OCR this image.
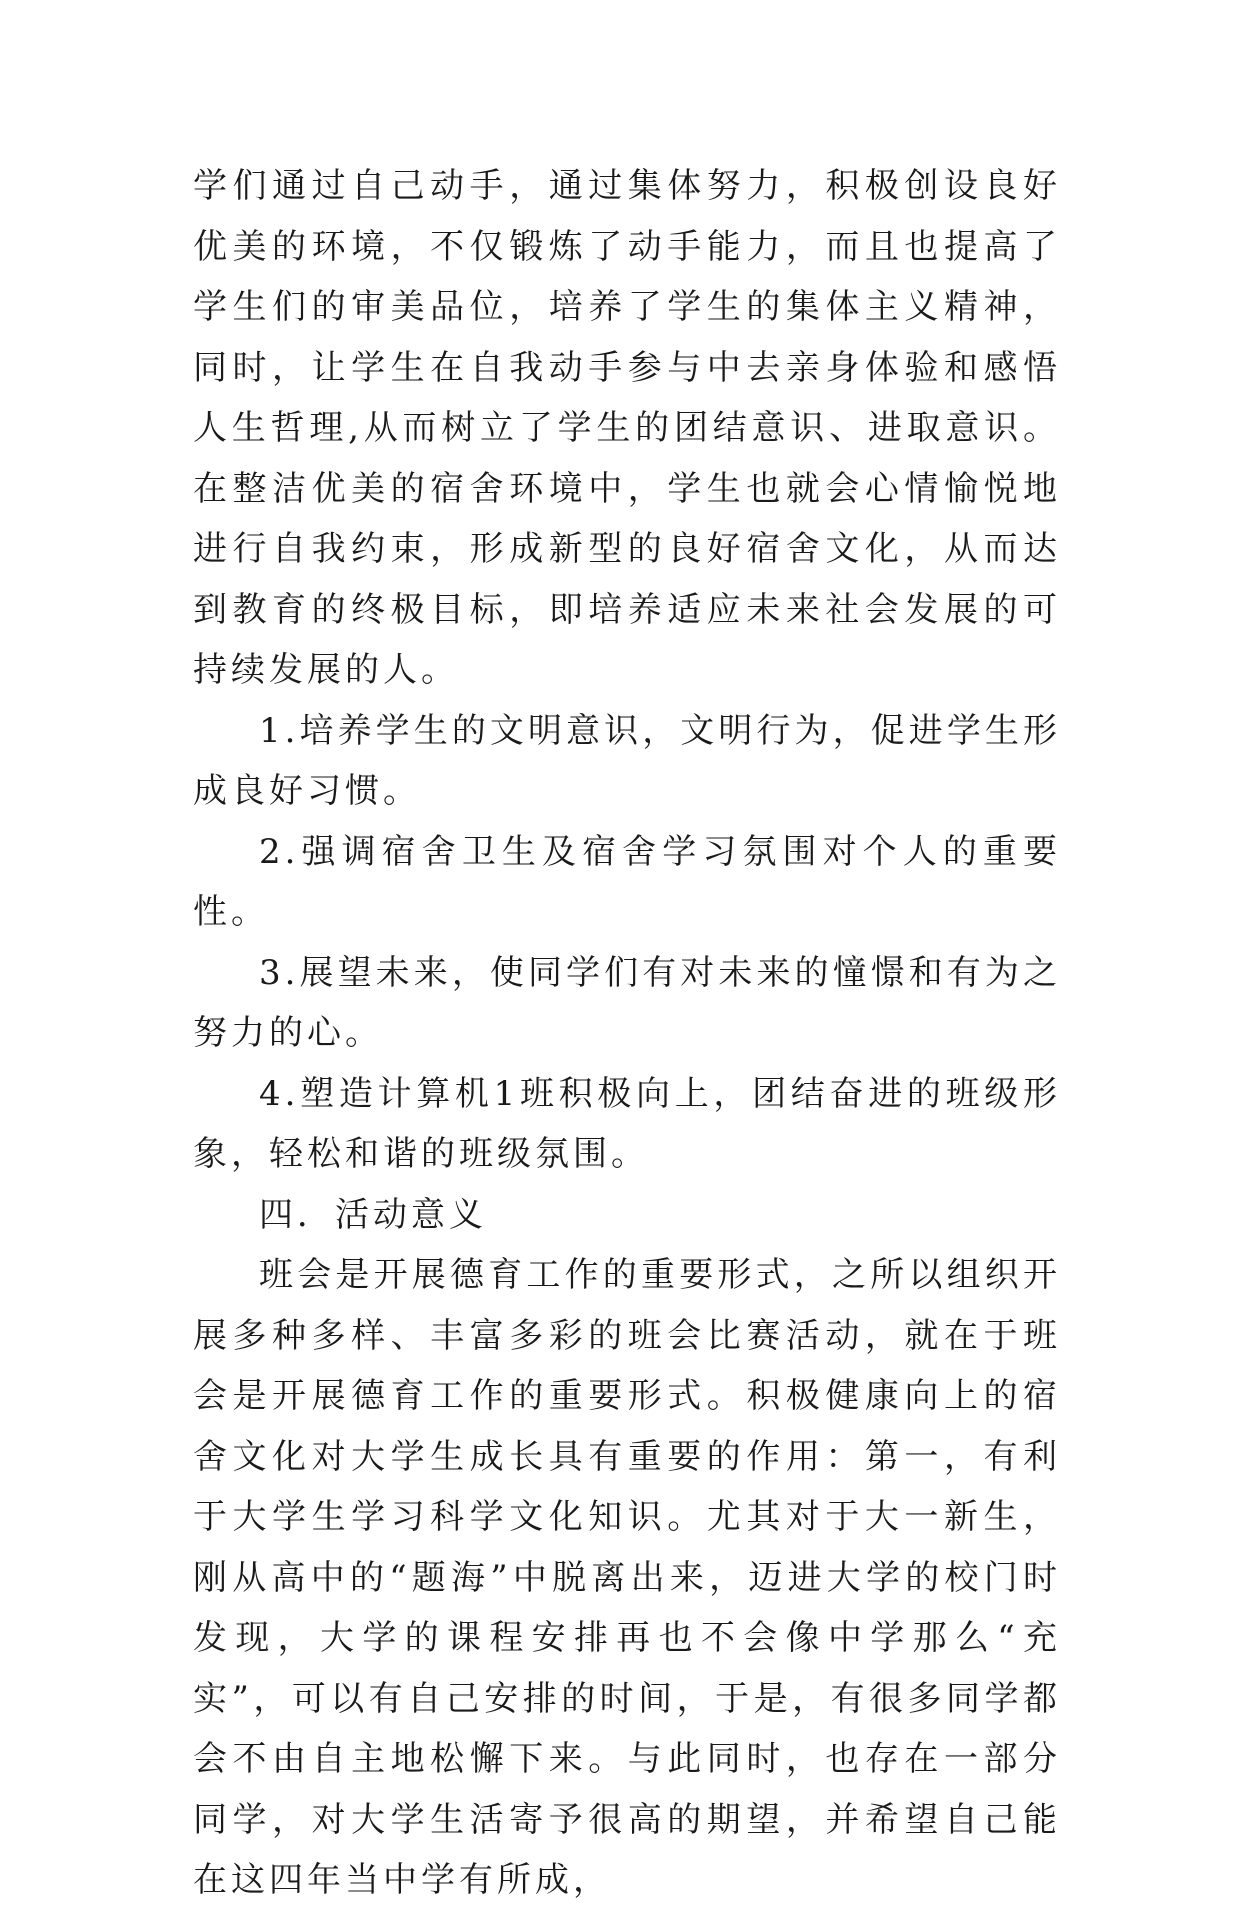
学们通过自己动手，通过集体努力，积极创设良好优美的环境，不仅锻炼了动手能力，而且也提高了学生们的审美品位，培养了学生的集体主义精神，同时，让学生在自我动手参与中去亲身体验和感悟人生哲理,从而树立了学生的团结意识、进取意识。在整洁优美的宿舍环境中，学生也就会心情愉悦地进行自我约束，形成新型的良好宿舍文化，从而达到教育的终极目标，即培养适应未来社会发展的可持续发展的人。

1.培养学生的文明意识，文明行为，促进学生形成良好习惯。

2.强调宿舍卫生及宿舍学习氛围对个人的重要性。

3.展望未来，使同学们有对未来的憧憬和有为之努力的心。

4.塑造计算机1班积极向上，团结奋进的班级形象，轻松和谐的班级氛围。

四．活动意义

班会是开展德育工作的重要形式，之所以组织开展多种多样、丰富多彩的班会比赛活动，就在于班会是开展德育工作的重要形式。积极健康向上的宿舍文化对大学生成长具有重要的作用：第一，有利于大学生学习科学文化知识。尤其对于大一新生，刚从高中的“题海”中脱离出来，迈进大学的校门时发现，大学的课程安排再也不会像中学那么“充实”，可以有自己安排的时间，于是，有很多同学都会不由自主地松懈下来。与此同时，也存在一部分同学，对大学生活寄予很高的期望，并希望自己能在这四年当中学有所成，
